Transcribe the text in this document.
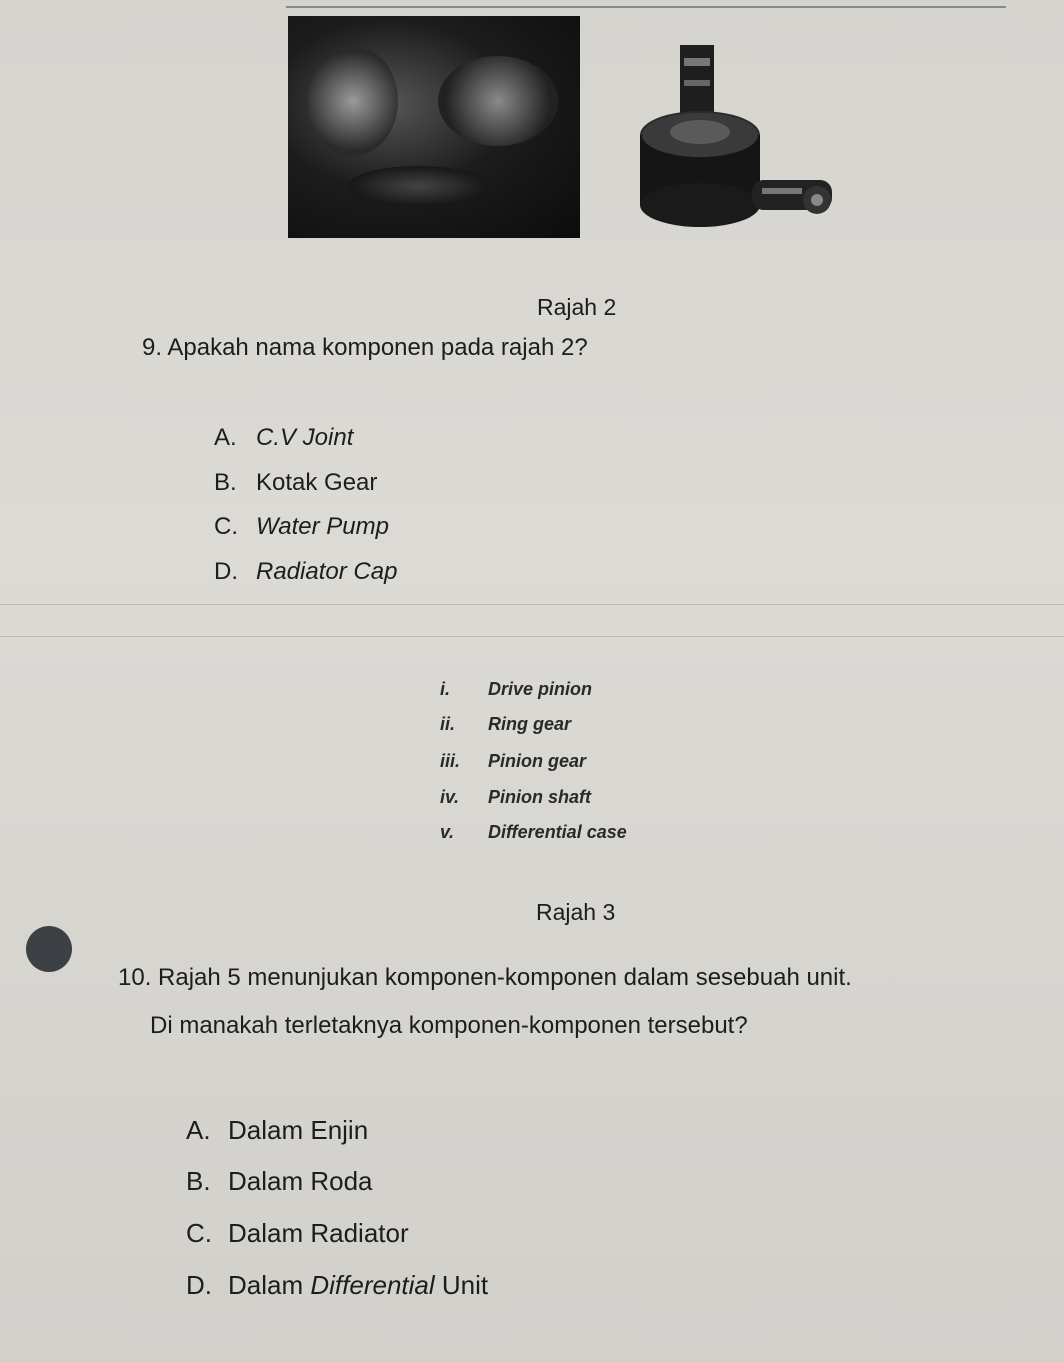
Rajah 2
9. Apakah nama komponen pada rajah 2?
A. C.V Joint
B. Kotak Gear
C. Water Pump
D. Radiator Cap
i. Drive pinion
ii. Ring gear
iii. Pinion gear
iv. Pinion shaft
v. Differential case
Rajah 3
10. Rajah 5 menunjukan komponen-komponen dalam sesebuah unit.
Di manakah terletaknya komponen-komponen tersebut?
A. Dalam Enjin
B. Dalam Roda
C. Dalam Radiator
D. Dalam Differential Unit
